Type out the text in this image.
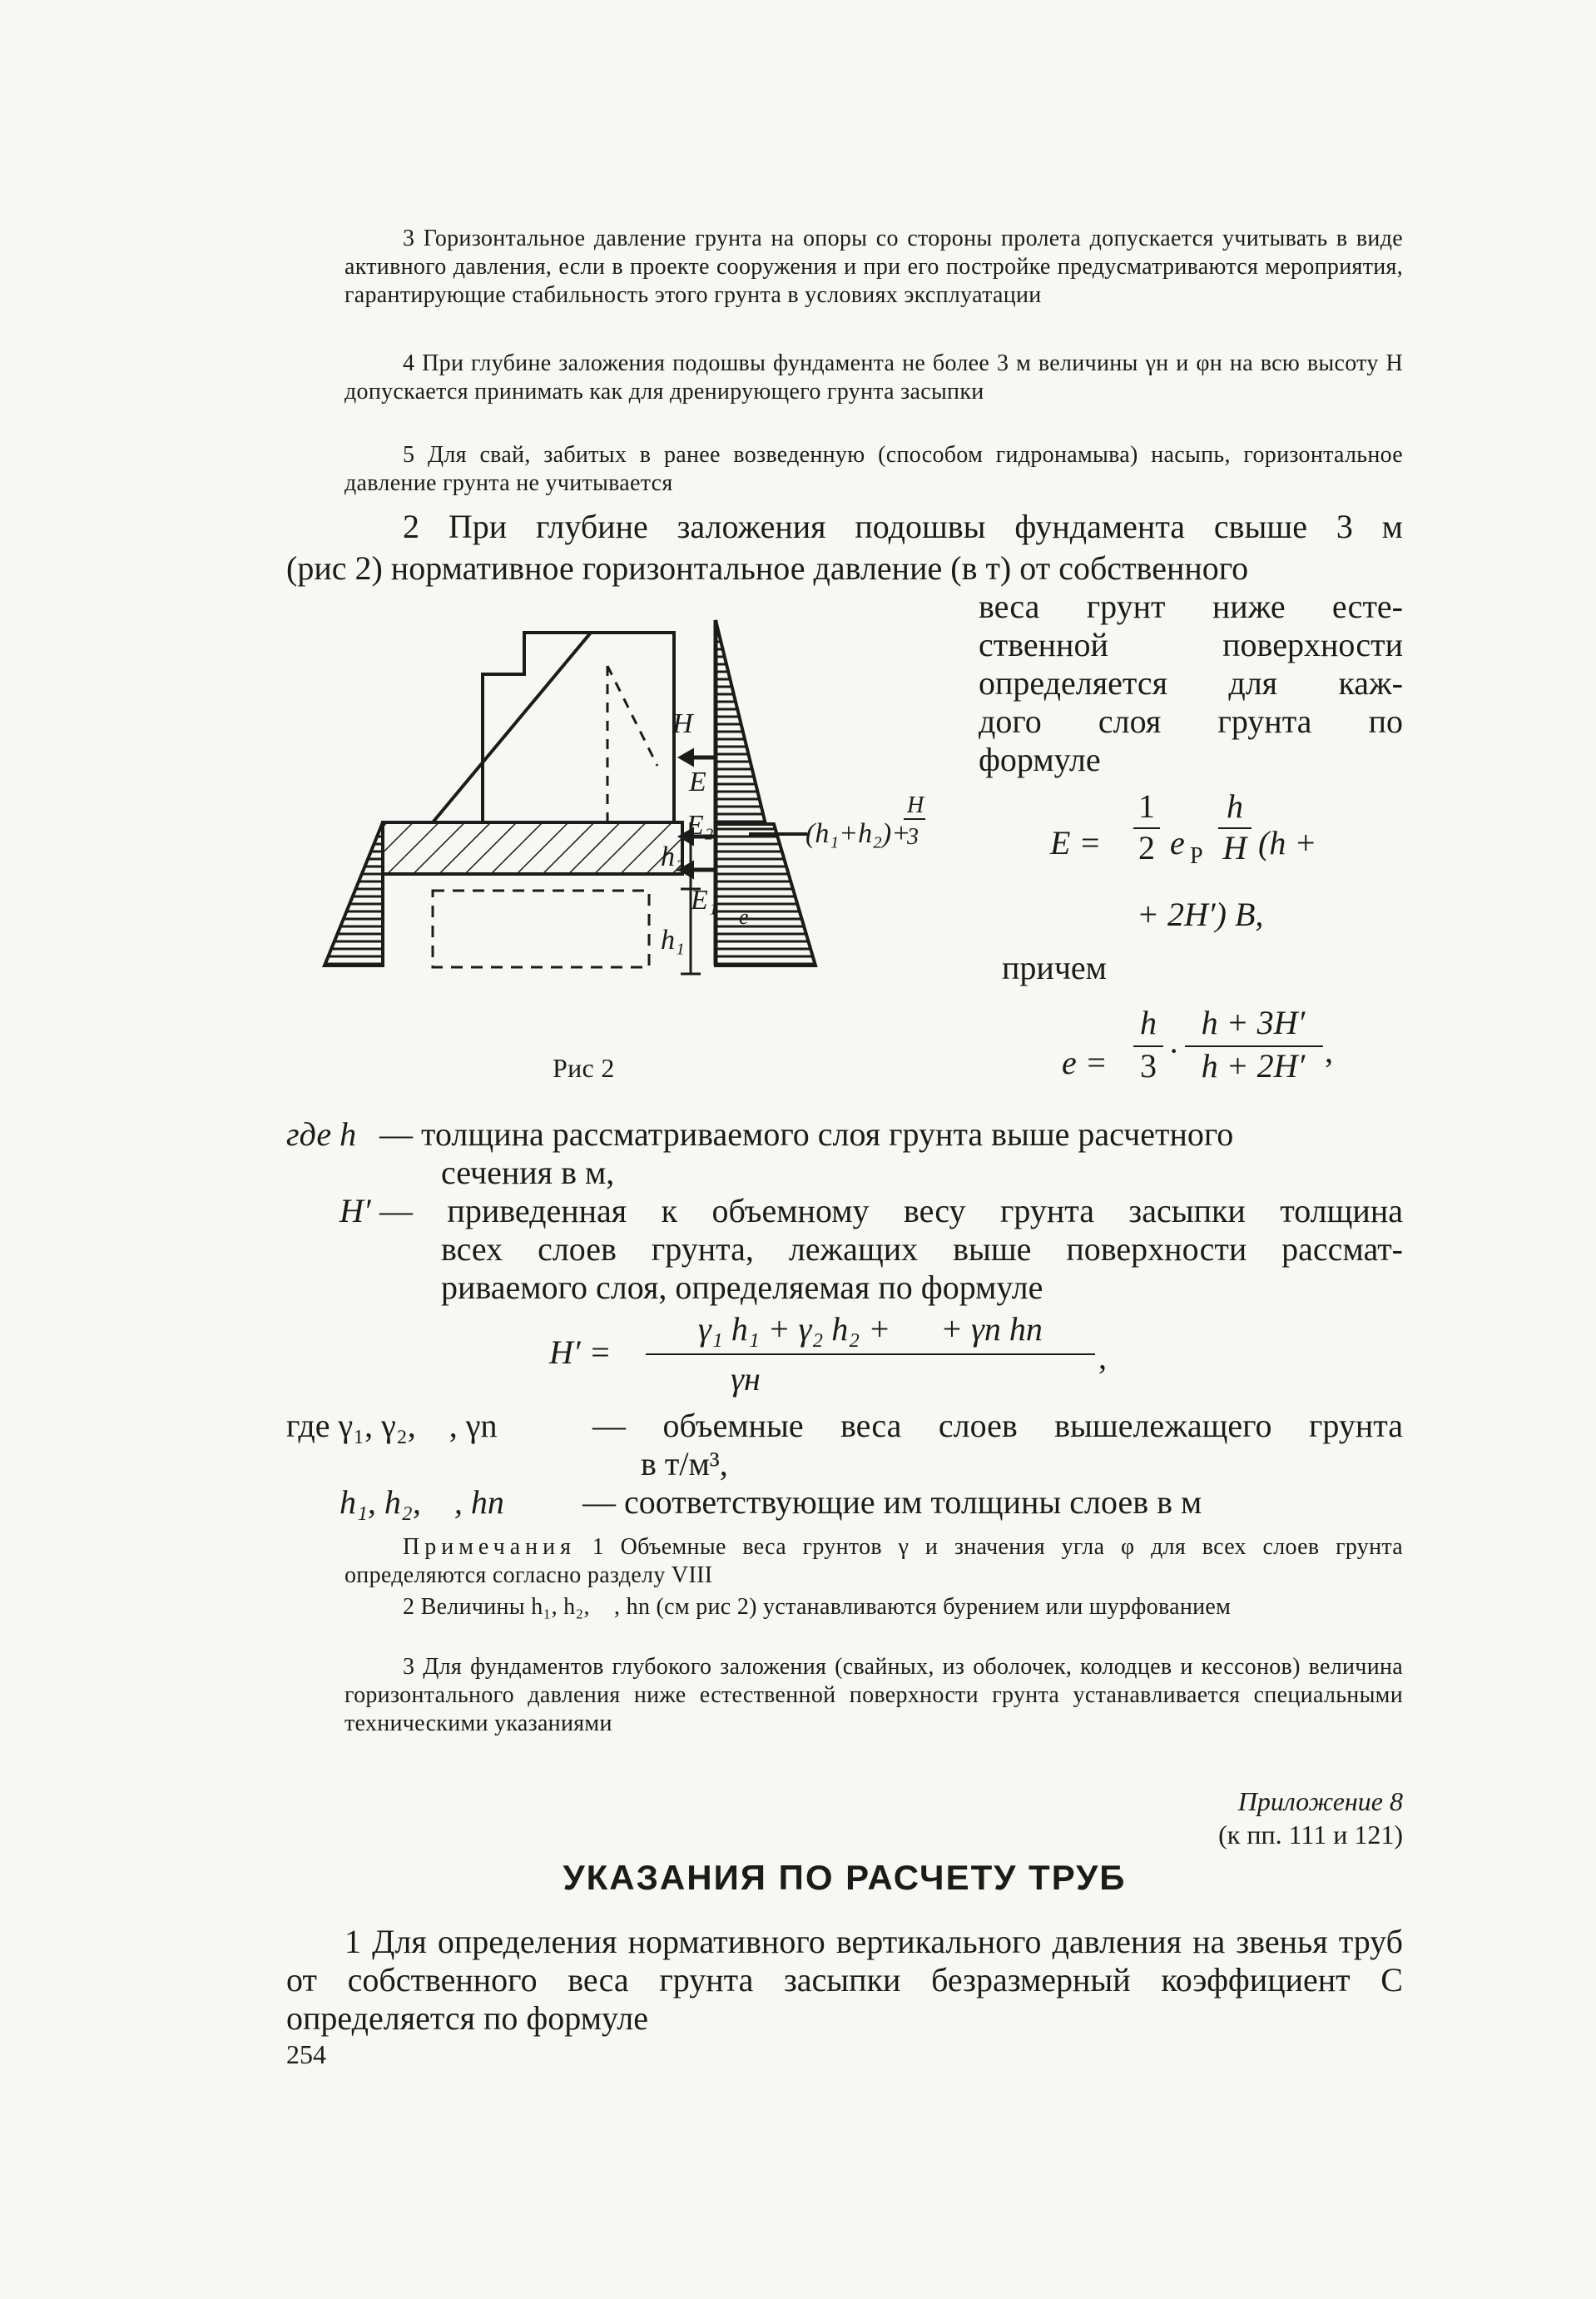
3 Горизонтальное давление грунта на опоры со стороны пролета допускается учитывать в виде активного давления, если в проекте сооружения и при его постройке предусматриваются мероприятия, гарантирующие стабильность этого грунта в условиях эксплуатации

4 При глубине заложения подошвы фундамента не более 3 м величины γн и φн на всю высоту H допускается принимать как для дренирующего грунта засыпки

5 Для свай, забитых в ранее возведенную (способом гидронамыва) насыпь, горизонтальное давление грунта не учитывается

2 При глубине заложения подошвы фундамента свыше 3 м

(рис 2) нормативное горизонтальное давление (в т) от собственного

веса грунт ниже есте-

ственной поверхности

определяется для каж-

дого слоя грунта по

формуле

E =
1
2 e P
h
H (h +
+ 2H′) B,

причем

e =
h
3 ·
h + 3H′
h + 2H′ ,
H
E
E₂
E₁
h₂
h₁
e
(h₁+h₂)+
H
3

Рис 2

где h — толщина рассматриваемого слоя грунта выше расчетного

сечения в м,

H′ — приведенная к объемному весу грунта засыпки толщина

всех слоев грунта, лежащих выше поверхности рассмат-

риваемого слоя, определяемая по формуле

H′ =
γ₁ h₁ + γ₂ h₂ +      + γn hn
γн
,

где γ₁, γ₂,    , γn	— объемные веса слоев вышележащего грунта

в т/м³,

h₁, h₂,    , hn — соответствующие им толщины слоев в м

Примечания 1 Объемные веса грунтов γ и значения угла φ для всех слоев грунта определяются согласно разделу VIII

2 Величины h₁, h₂,    , hn (см рис 2) устанавливаются бурением или шурфованием

3 Для фундаментов глубокого заложения (свайных, из оболочек, колодцев и кессонов) величина горизонтального давления ниже естественной поверхности грунта устанавливается специальными техническими указаниями

Приложение 8

(к пп. 111 и 121)

УКАЗАНИЯ ПО РАСЧЕТУ ТРУБ

1 Для определения нормативного вертикального давления на звенья труб от собственного веса грунта засыпки безразмерный коэффициент C определяется по формуле

254
